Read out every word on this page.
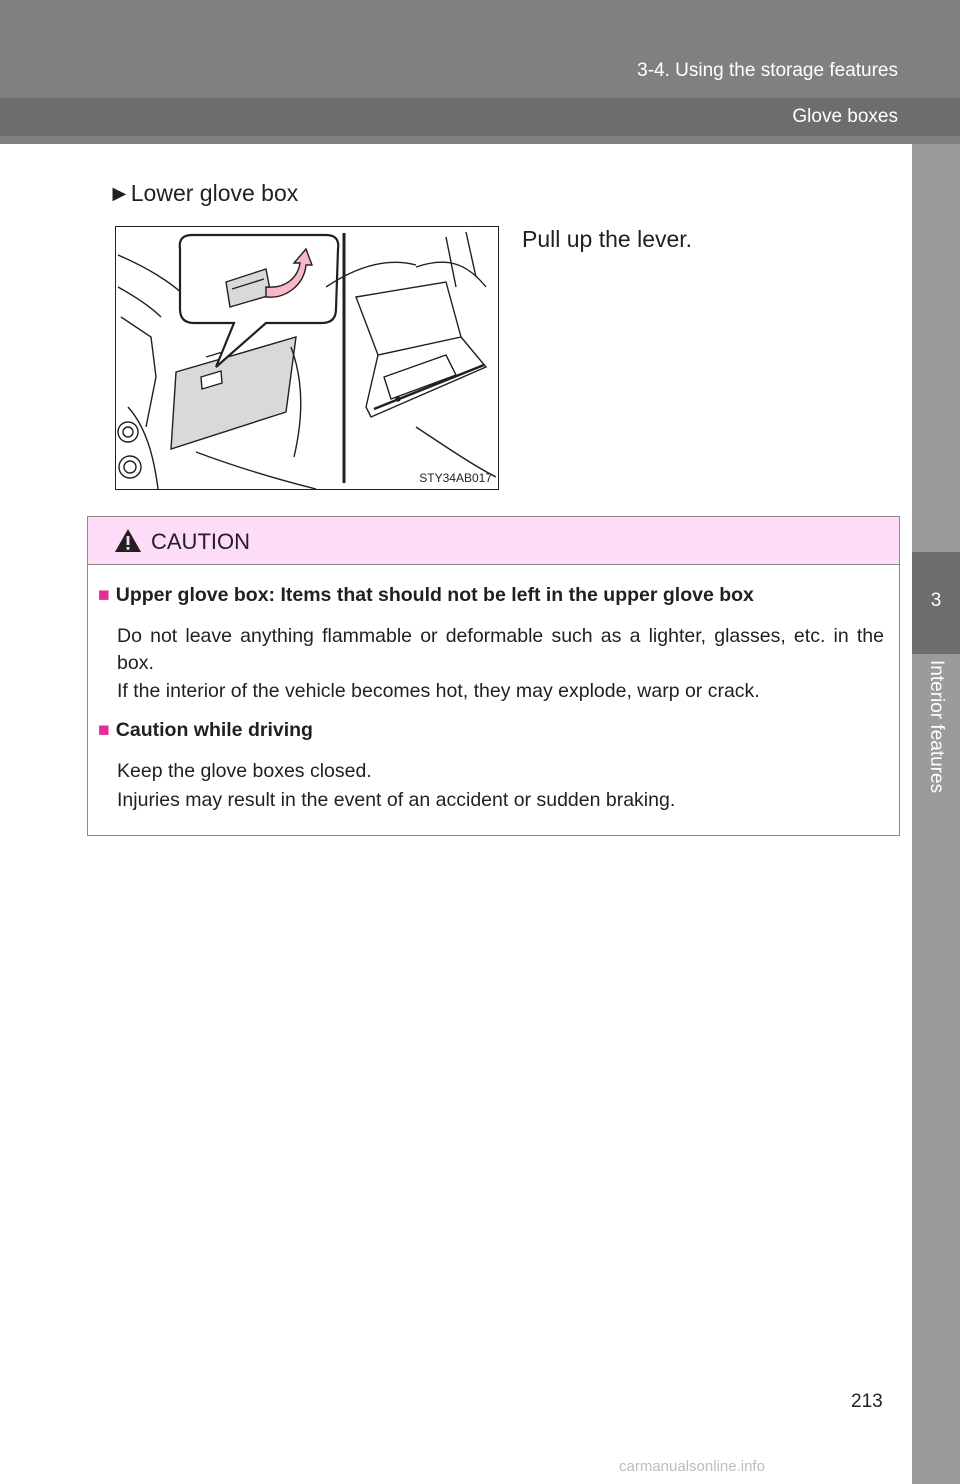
3-4. Using the storage features
Glove boxes
3
Interior features
►Lower glove box
STY34AB017
Pull up the lever.
CAUTION
■ Upper glove box: Items that should not be left in the upper glove box
Do not leave anything flammable or deformable such as a lighter, glasses, etc. in the box.
If the interior of the vehicle becomes hot, they may explode, warp or crack.
■ Caution while driving
Keep the glove boxes closed.
Injuries may result in the event of an accident or sudden braking.
213
carmanualsonline.info
